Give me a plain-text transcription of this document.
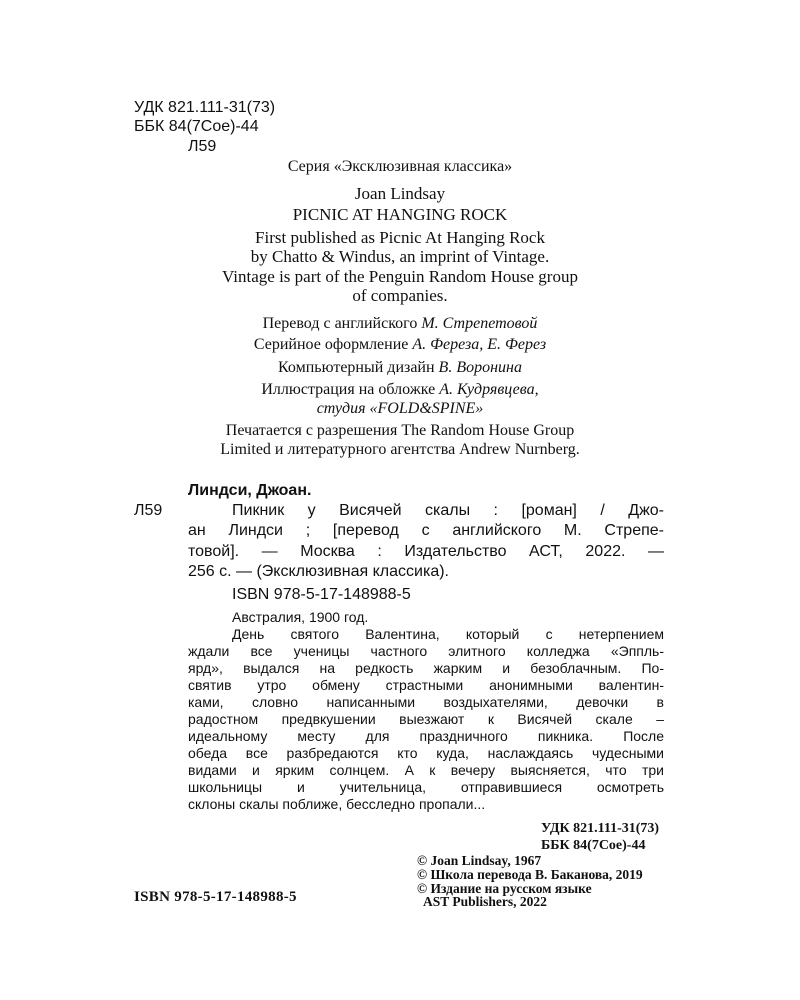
УДК 821.111-31(73)
ББК 84(7Сое)-44
Л59
Серия «Эксклюзивная классика»
Joan Lindsay
PICNIC AT HANGING ROCK
First published as Picnic At Hanging Rock
by Chatto & Windus, an imprint of Vintage.
Vintage is part of the Penguin Random House group
of companies.
Перевод с английского М. Стрепетовой
Серийное оформление А. Фереза, Е. Ферез
Компьютерный дизайн В. Воронина
Иллюстрация на обложке А. Кудрявцева,
студия «FOLD&SPINE»
Печатается с разрешения The Random House Group
Limited и литературного агентства Andrew Nurnberg.
Линдси, Джоан.
Л59	Пикник у Висячей скалы : [роман] / Джо-
ан Линдси ; [перевод с английского М. Стрепе-
товой]. — Москва : Издательство АСТ, 2022. —
256 с. — (Эксклюзивная классика).
ISBN 978-5-17-148988-5
Австралия, 1900 год.
День святого Валентина, который с нетерпением
ждали все ученицы частного элитного колледжа «Эппль-
ярд», выдался на редкость жарким и безоблачным. По-
святив утро обмену страстными анонимными валентин-
ками, словно написанными воздыхателями, девочки в
радостном предвкушении выезжают к Висячей скале –
идеальному месту для праздничного пикника. После
обеда все разбредаются кто куда, наслаждаясь чудесными
видами и ярким солнцем. А к вечеру выясняется, что три
школьницы и учительница, отправившиеся осмотреть
склоны скалы поближе, бесследно пропали...
УДК 821.111-31(73)
ББК 84(7Сое)-44
© Joan Lindsay, 1967
© Школа перевода В. Баканова, 2019
© Издание на русском языке
AST Publishers, 2022
ISBN 978-5-17-148988-5
